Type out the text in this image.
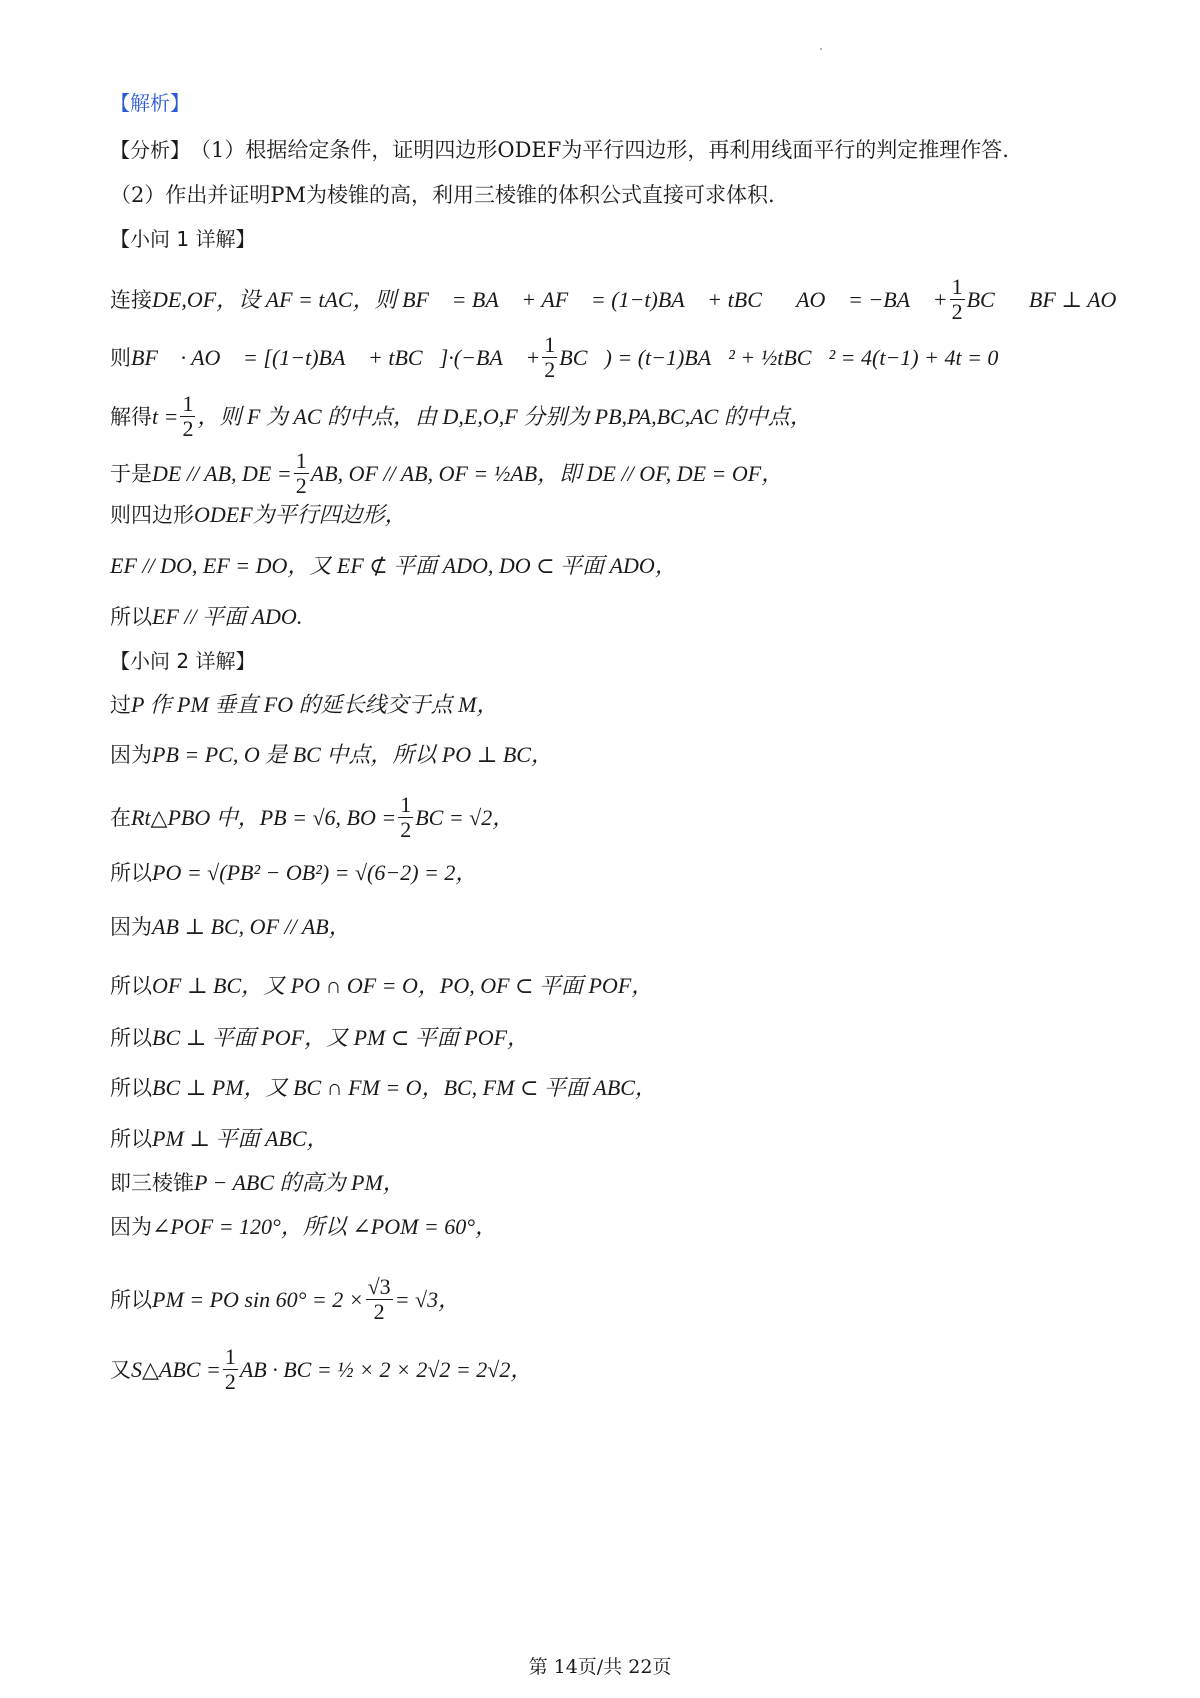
【解析】
【分析】 （1）根据给定条件，证明四边形ODEF为平行四边形，再利用线面平行的判定推理作答.
（2）作出并证明PM为棱锥的高，利用三棱锥的体积公式直接可求体积.
【小问 1 详解】
连接 DE,OF，设 AF = tAC，则 BF⃗ = BA⃗ + AF⃗ = (1−t)BA⃗ + tBC⃗，AO⃗ = −BA⃗ + $\frac{1}{2}$ BC⃗，BF ⊥ AO，
则 BF⃗ · AO⃗ = [(1−t)BA⃗ + tBC⃗]·(−BA⃗ + $\frac{1}{2}$ BC⃗) = (t−1)BA⃗² + ½tBC⃗² = 4(t−1) + 4t = 0，
解得 $t = \frac{1}{2}$ ，则 F 为 AC 的中点，由 D,E,O,F 分别为 PB,PA,BC,AC 的中点，
于是 DE // AB, DE = $\frac{1}{2}$ AB, OF // AB, OF = ½AB，即 DE // OF, DE = OF，
则四边形 ODEF 为平行四边形，
EF // DO, EF = DO，又 EF ⊄ 平面 ADO, DO ⊂ 平面 ADO，
所以 EF // 平面 ADO.
【小问 2 详解】
过 P 作 PM 垂直 FO 的延长线交于点 M，
因为 PB = PC, O 是 BC 中点，所以 PO ⊥ BC，
在 Rt△PBO 中，PB = √6, BO = $\frac{1}{2}$ BC = √2，
所以 PO = √(PB² − OB²) = √(6−2) = 2，
因为 AB ⊥ BC, OF // AB，
所以 OF ⊥ BC，又 PO ∩ OF = O，PO, OF ⊂ 平面 POF，
所以 BC ⊥ 平面 POF，又 PM ⊂ 平面 POF，
所以 BC ⊥ PM，又 BC ∩ FM = O，BC, FM ⊂ 平面 ABC，
所以 PM ⊥ 平面 ABC，
即三棱锥 P − ABC 的高为 PM，
因为 ∠POF = 120°，所以 ∠POM = 60°，
所以 PM = PO $\sin 60^\circ = 2 \times \frac{√3}{2} = √3$，
又 S△ABC = $\frac{1}{2}$ AB · BC = ½ × 2 × 2√2 = 2√2，
第 14页/共 22页
